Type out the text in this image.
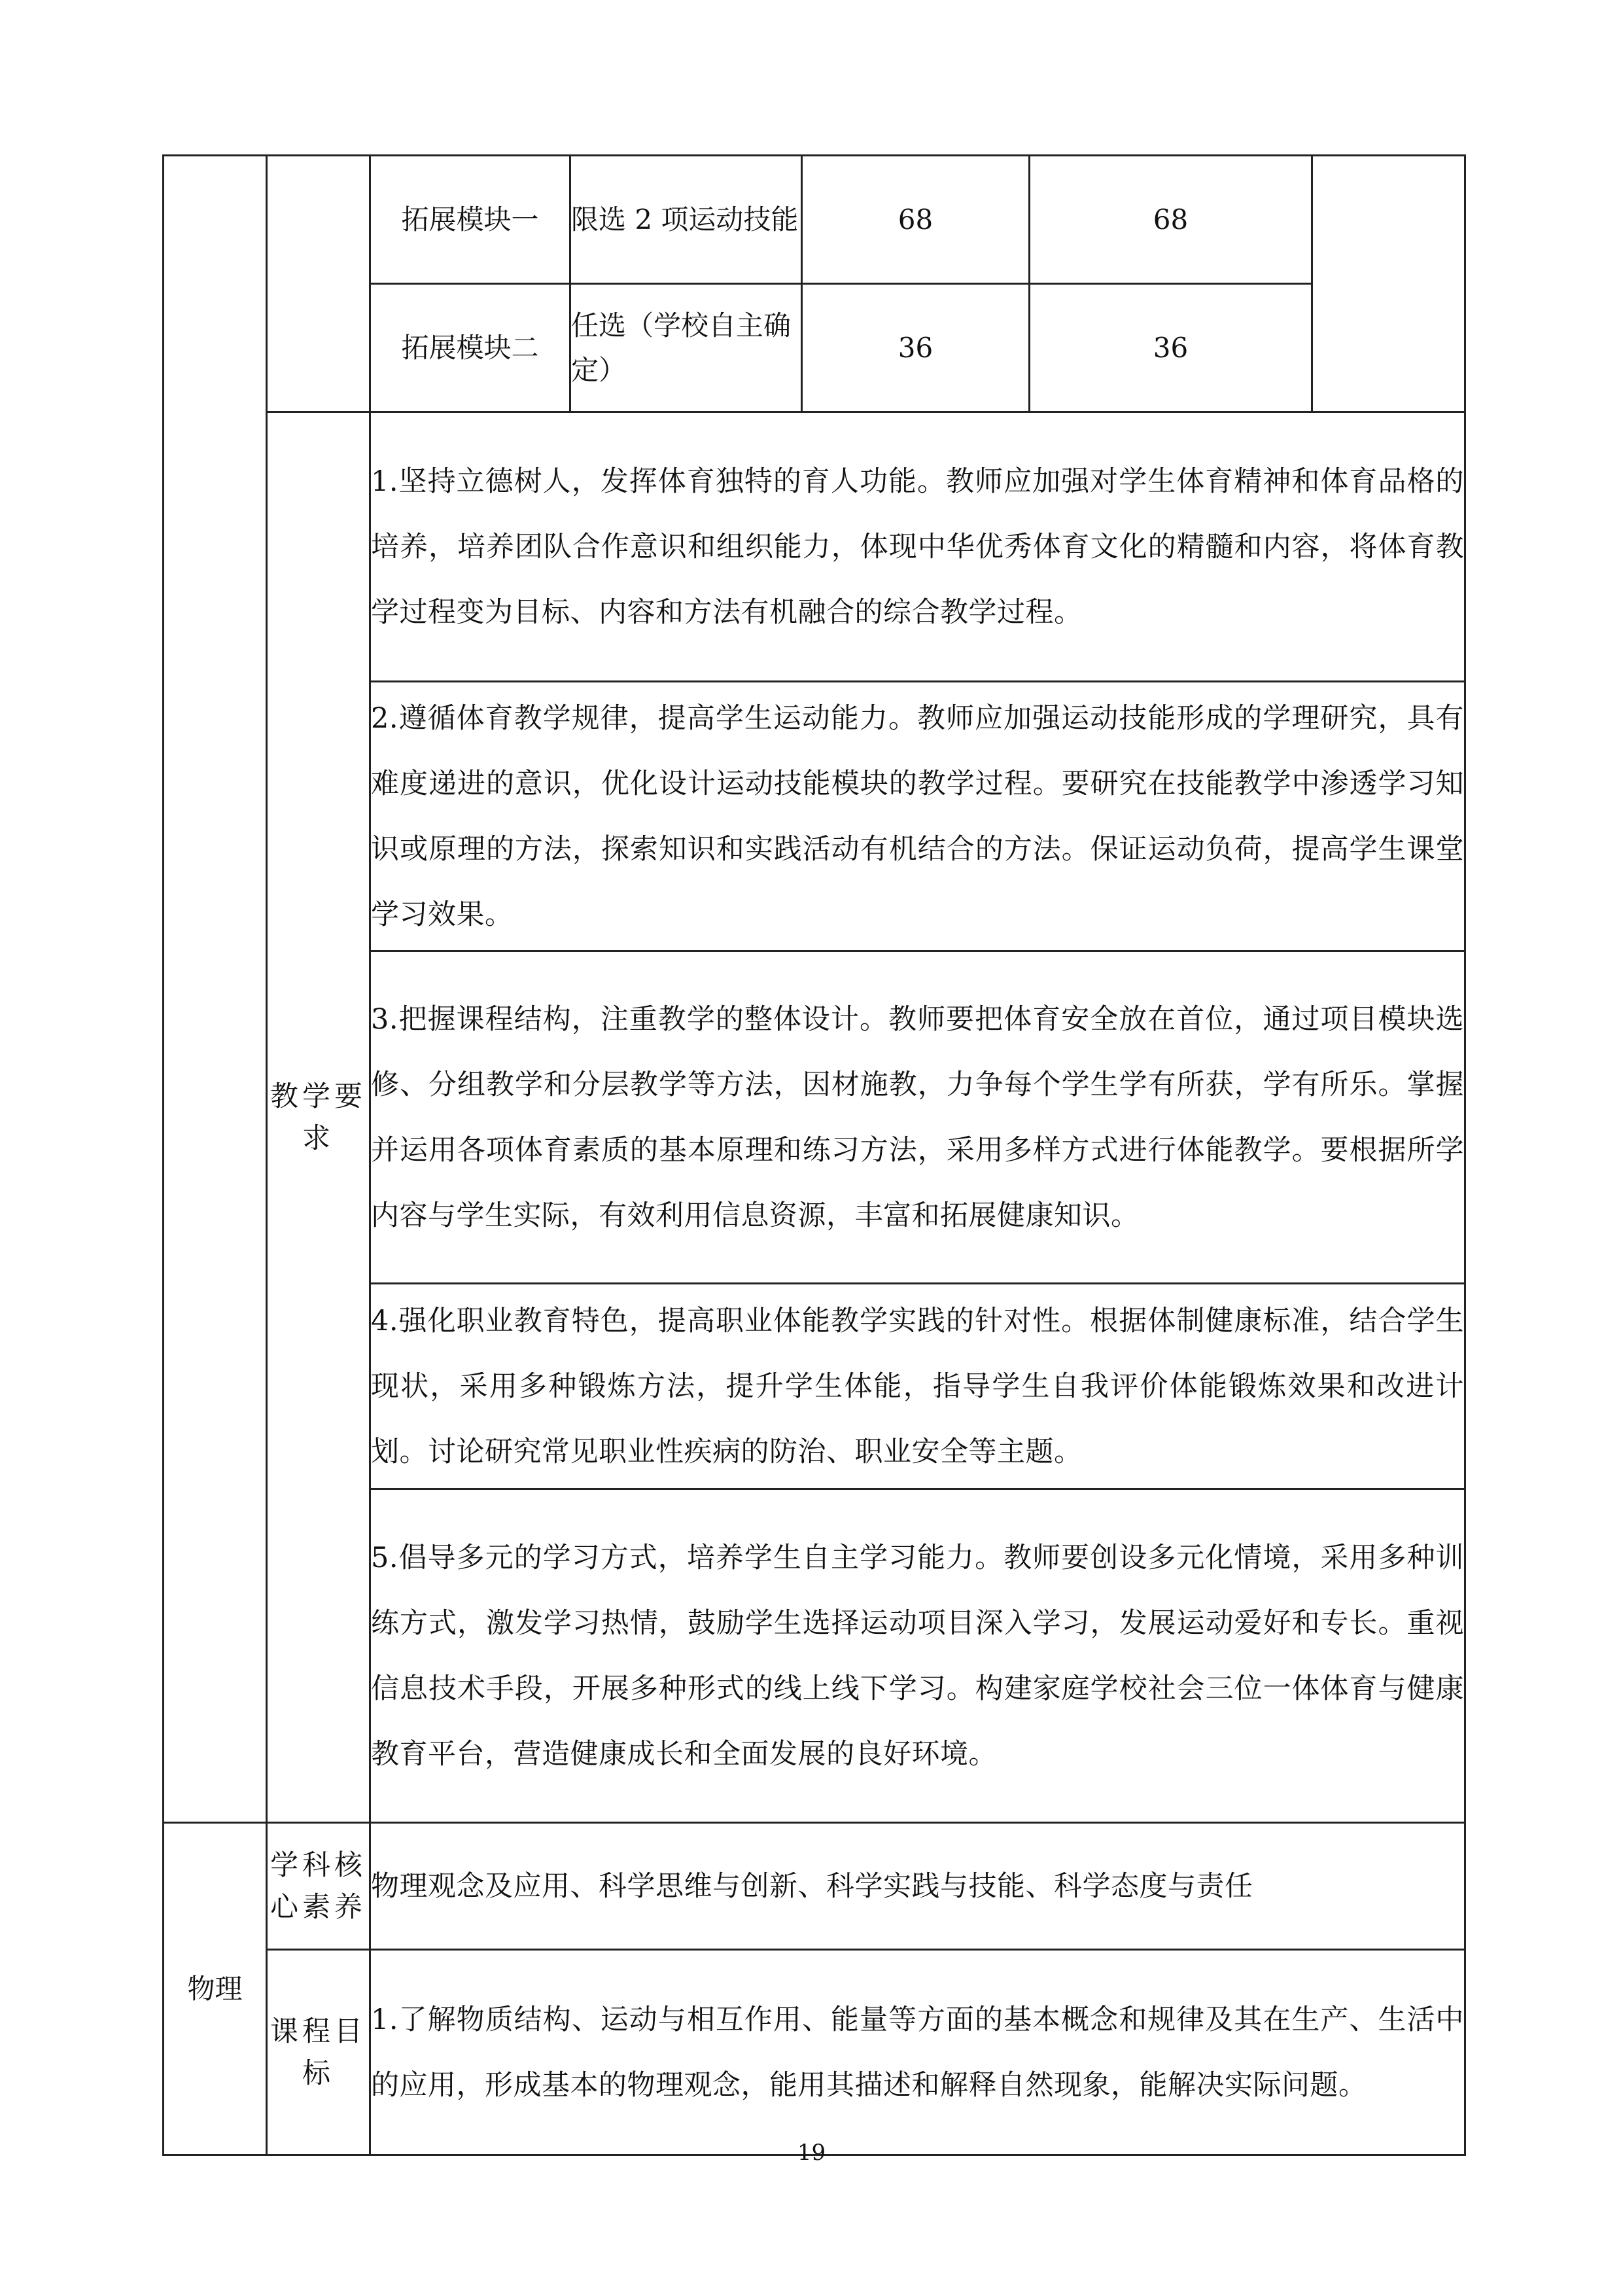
		拓展模块一	限选 2 项运动技能	68	68	
		拓展模块二	任选（学校自主确定）	36	36	

	教学要求	1.坚持立德树人，发挥体育独特的育人功能。教师应加强对学生体育精神和体育品格的培养，培养团队合作意识和组织能力，体现中华优秀体育文化的精髓和内容，将体育教学过程变为目标、内容和方法有机融合的综合教学过程。				
		2.遵循体育教学规律，提高学生运动能力。教师应加强运动技能形成的学理研究，具有难度递进的意识，优化设计运动技能模块的教学过程。要研究在技能教学中渗透学习知识或原理的方法，探索知识和实践活动有机结合的方法。保证运动负荷，提高学生课堂学习效果。				
		3.把握课程结构，注重教学的整体设计。教师要把体育安全放在首位，通过项目模块选修、分组教学和分层教学等方法，因材施教，力争每个学生学有所获，学有所乐。掌握并运用各项体育素质的基本原理和练习方法，采用多样方式进行体能教学。要根据所学内容与学生实际，有效利用信息资源，丰富和拓展健康知识。				
		4.强化职业教育特色，提高职业体能教学实践的针对性。根据体制健康标准，结合学生现状，采用多种锻炼方法，提升学生体能，指导学生自我评价体能锻炼效果和改进计划。讨论研究常见职业性疾病的防治、职业安全等主题。				
		5.倡导多元的学习方式，培养学生自主学习能力。教师要创设多元化情境，采用多种训练方式，激发学习热情，鼓励学生选择运动项目深入学习，发展运动爱好和专长。重视信息技术手段，开展多种形式的线上线下学习。构建家庭学校社会三位一体体育与健康教育平台，营造健康成长和全面发展的良好环境。				
物理	学科核心素养	物理观念及应用、科学思维与创新、科学实践与技能、科学态度与责任				

	课程目标	1.了解物质结构、运动与相互作用、能量等方面的基本概念和规律及其在生产、生活中的应用，形成基本的物理观念，能用其描述和解释自然现象，能解决实际问题。				
19
